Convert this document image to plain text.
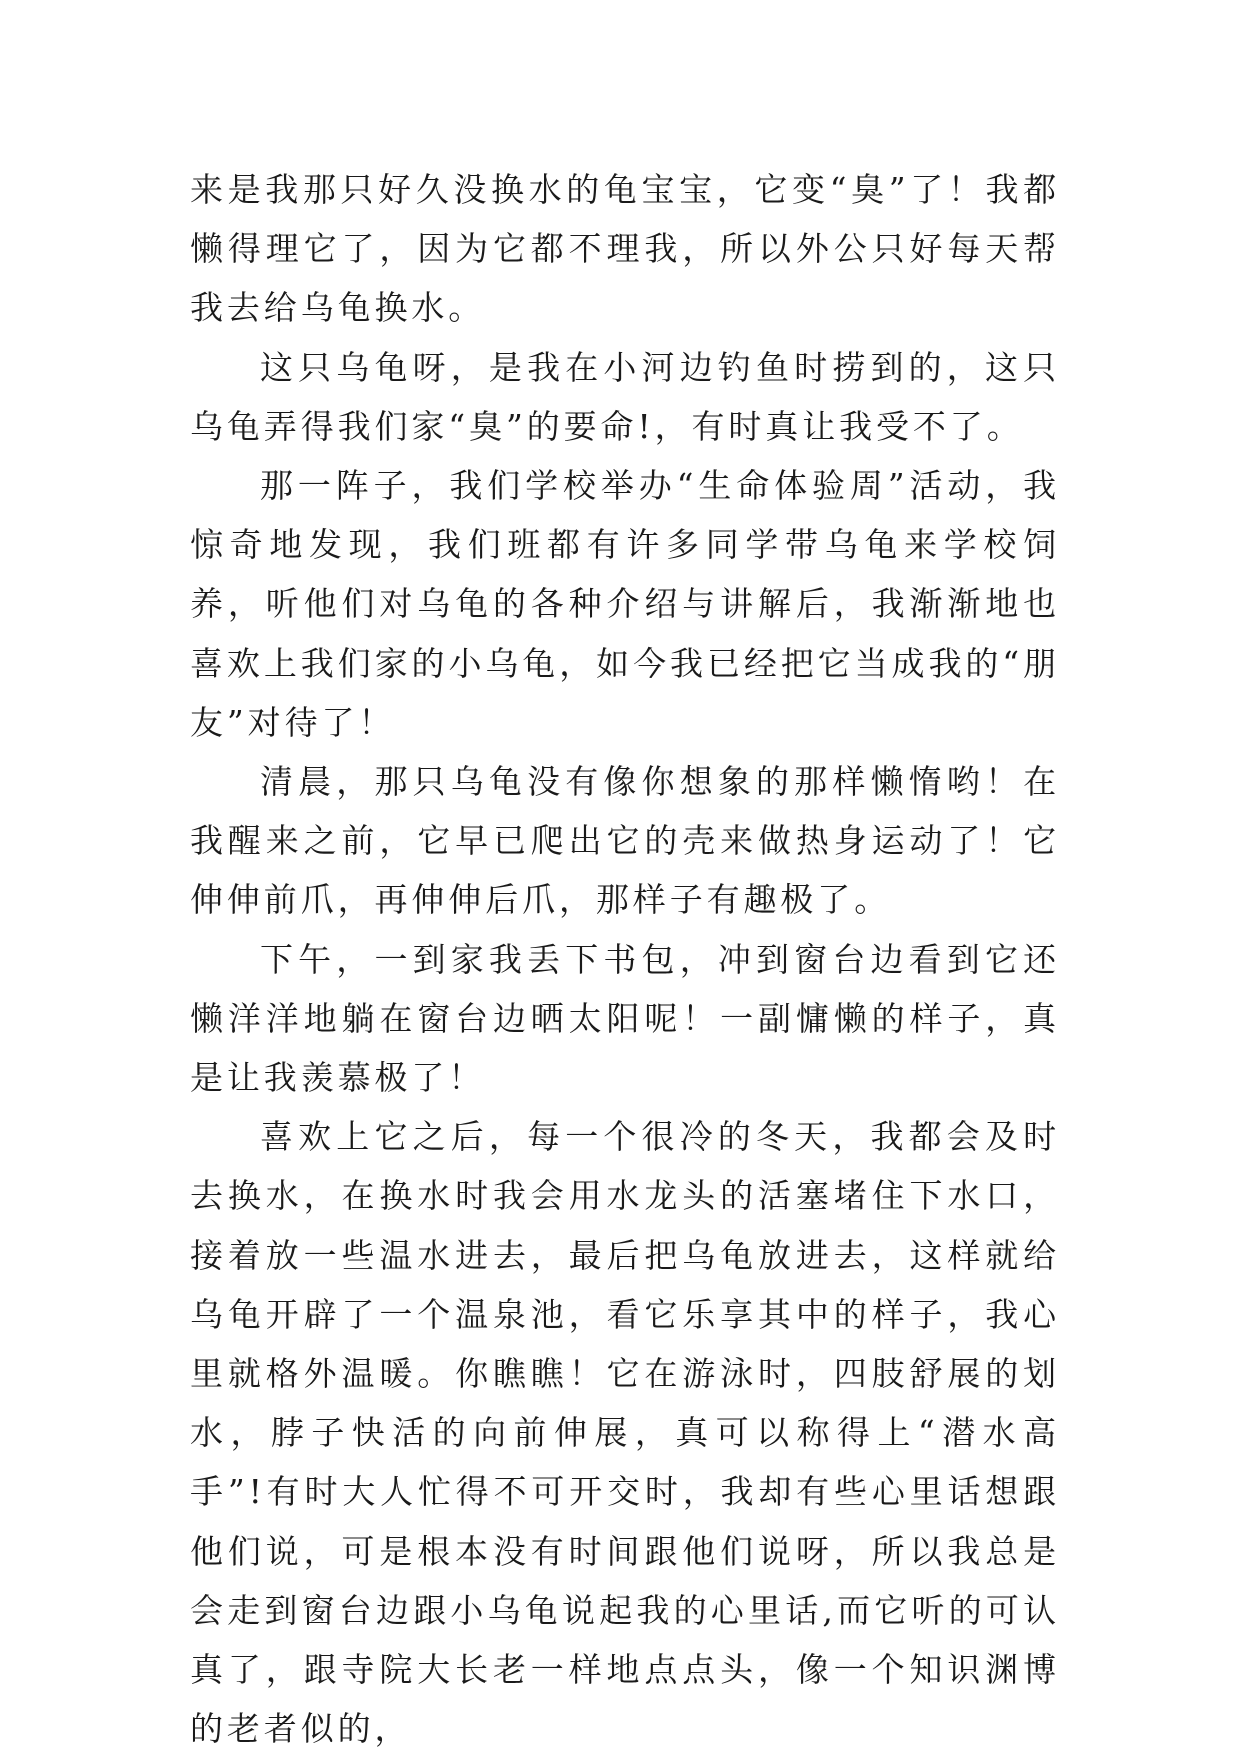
来是我那只好久没换水的龟宝宝，它变“臭”了！我都懒得理它了，因为它都不理我，所以外公只好每天帮我去给乌龟换水。

这只乌龟呀，是我在小河边钓鱼时捞到的，这只乌龟弄得我们家“臭”的要命!，有时真让我受不了。

那一阵子，我们学校举办“生命体验周”活动，我惊奇地发现，我们班都有许多同学带乌龟来学校饲养，听他们对乌龟的各种介绍与讲解后，我渐渐地也喜欢上我们家的小乌龟，如今我已经把它当成我的“朋友”对待了！

清晨，那只乌龟没有像你想象的那样懒惰哟！在我醒来之前，它早已爬出它的壳来做热身运动了！它伸伸前爪，再伸伸后爪，那样子有趣极了。

下午，一到家我丢下书包，冲到窗台边看到它还懒洋洋地躺在窗台边晒太阳呢！一副慵懒的样子，真是让我羡慕极了！

喜欢上它之后，每一个很冷的冬天，我都会及时去换水，在换水时我会用水龙头的活塞堵住下水口，接着放一些温水进去，最后把乌龟放进去，这样就给乌龟开辟了一个温泉池，看它乐享其中的样子，我心里就格外温暖。你瞧瞧！它在游泳时，四肢舒展的划水，脖子快活的向前伸展，真可以称得上“潜水高手”!有时大人忙得不可开交时，我却有些心里话想跟他们说，可是根本没有时间跟他们说呀，所以我总是会走到窗台边跟小乌龟说起我的心里话,而它听的可认真了，跟寺院大长老一样地点点头，像一个知识渊博的老者似的，
